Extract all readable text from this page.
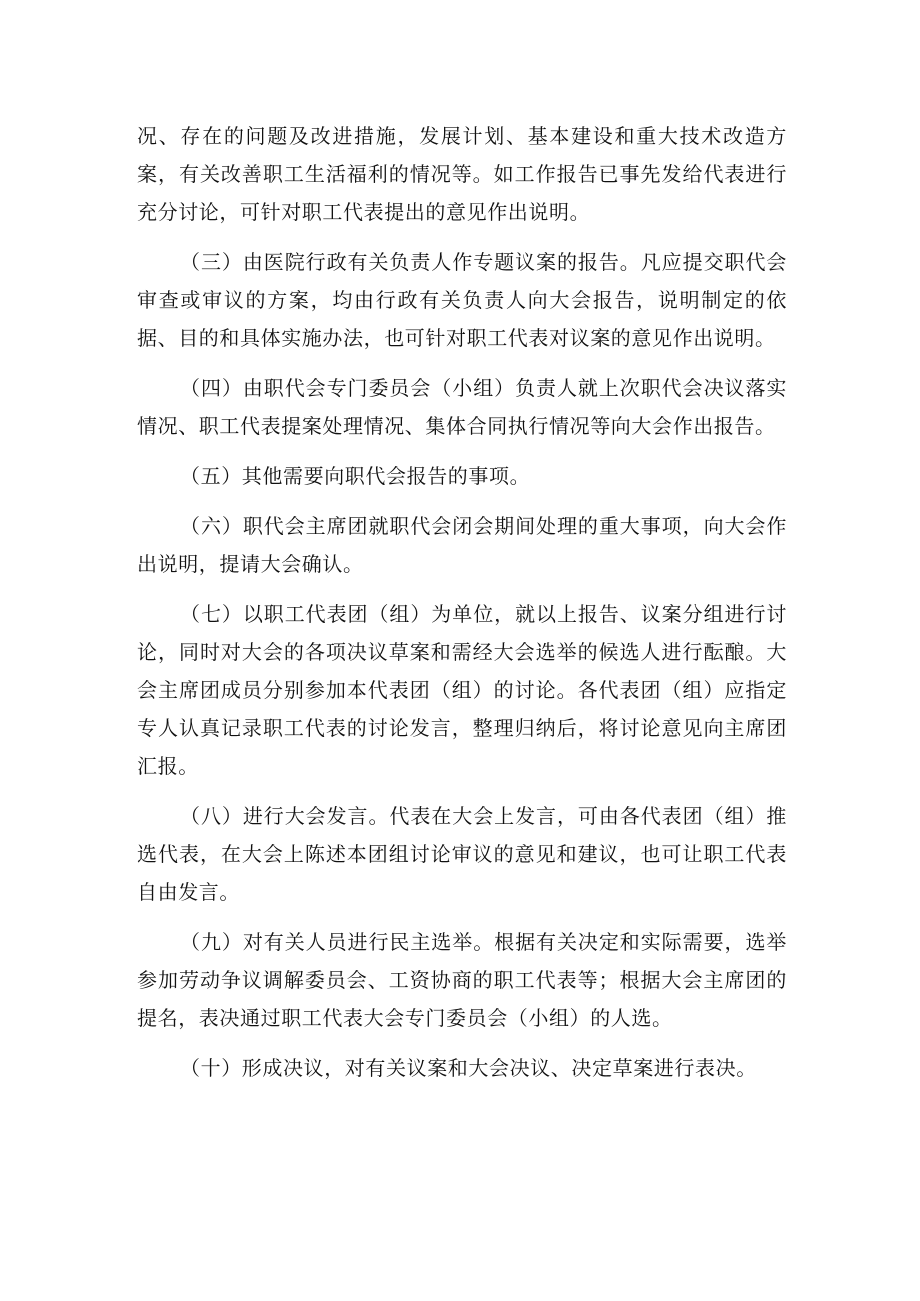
况、存在的问题及改进措施，发展计划、基本建设和重大技术改造方案，有关改善职工生活福利的情况等。如工作报告已事先发给代表进行充分讨论，可针对职工代表提出的意见作出说明。

（三）由医院行政有关负责人作专题议案的报告。凡应提交职代会审查或审议的方案，均由行政有关负责人向大会报告，说明制定的依据、目的和具体实施办法，也可针对职工代表对议案的意见作出说明。

（四）由职代会专门委员会（小组）负责人就上次职代会决议落实情况、职工代表提案处理情况、集体合同执行情况等向大会作出报告。

（五）其他需要向职代会报告的事项。

（六）职代会主席团就职代会闭会期间处理的重大事项，向大会作出说明，提请大会确认。

（七）以职工代表团（组）为单位，就以上报告、议案分组进行讨论，同时对大会的各项决议草案和需经大会选举的候选人进行酝酿。大会主席团成员分别参加本代表团（组）的讨论。各代表团（组）应指定专人认真记录职工代表的讨论发言，整理归纳后，将讨论意见向主席团汇报。

（八）进行大会发言。代表在大会上发言，可由各代表团（组）推选代表，在大会上陈述本团组讨论审议的意见和建议，也可让职工代表自由发言。

（九）对有关人员进行民主选举。根据有关决定和实际需要，选举参加劳动争议调解委员会、工资协商的职工代表等；根据大会主席团的提名，表决通过职工代表大会专门委员会（小组）的人选。

（十）形成决议，对有关议案和大会决议、决定草案进行表决。
